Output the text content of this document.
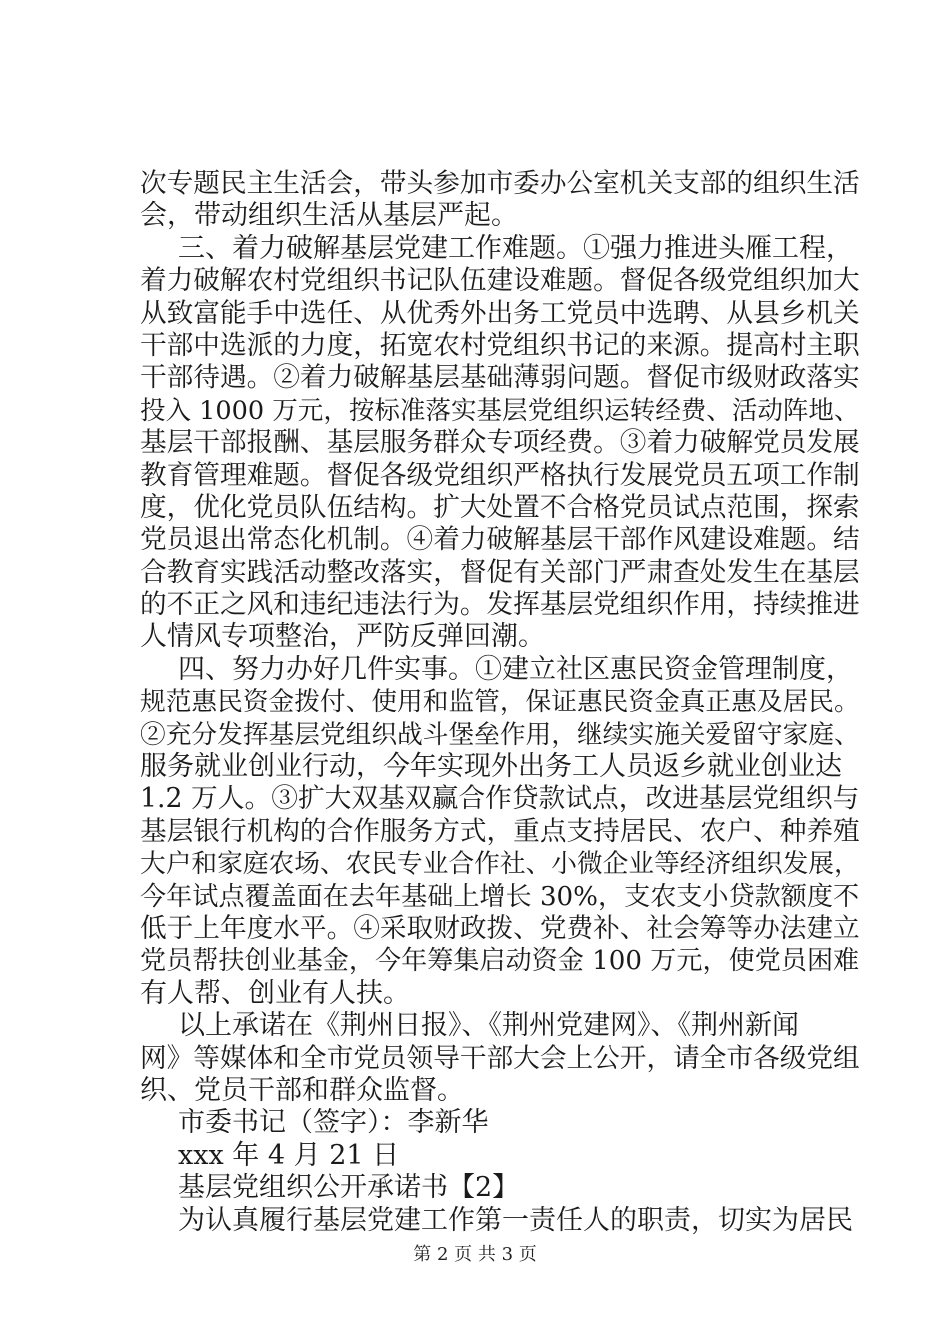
次专题民主生活会，带头参加市委办公室机关支部的组织生活
会，带动组织生活从基层严起。
三、着力破解基层党建工作难题。①强力推进头雁工程，
着力破解农村党组织书记队伍建设难题。督促各级党组织加大
从致富能手中选任、从优秀外出务工党员中选聘、从县乡机关
干部中选派的力度，拓宽农村党组织书记的来源。提高村主职
干部待遇。②着力破解基层基础薄弱问题。督促市级财政落实
投入 1000 万元，按标准落实基层党组织运转经费、活动阵地、
基层干部报酬、基层服务群众专项经费。③着力破解党员发展
教育管理难题。督促各级党组织严格执行发展党员五项工作制
度，优化党员队伍结构。扩大处置不合格党员试点范围，探索
党员退出常态化机制。④着力破解基层干部作风建设难题。结
合教育实践活动整改落实，督促有关部门严肃查处发生在基层
的不正之风和违纪违法行为。发挥基层党组织作用，持续推进
人情风专项整治，严防反弹回潮。
四、努力办好几件实事。①建立社区惠民资金管理制度，
规范惠民资金拨付、使用和监管，保证惠民资金真正惠及居民。
②充分发挥基层党组织战斗堡垒作用，继续实施关爱留守家庭、
服务就业创业行动，今年实现外出务工人员返乡就业创业达
1.2 万人。③扩大双基双赢合作贷款试点，改进基层党组织与
基层银行机构的合作服务方式，重点支持居民、农户、种养殖
大户和家庭农场、农民专业合作社、小微企业等经济组织发展，
今年试点覆盖面在去年基础上增长 30%，支农支小贷款额度不
低于上年度水平。④采取财政拨、党费补、社会筹等办法建立
党员帮扶创业基金，今年筹集启动资金 100 万元，使党员困难
有人帮、创业有人扶。
以上承诺在《荆州日报》、《荆州党建网》、《荆州新闻
网》等媒体和全市党员领导干部大会上公开，请全市各级党组
织、党员干部和群众监督。
市委书记（签字）：李新华
xxx 年 4 月 21 日
基层党组织公开承诺书【2】
为认真履行基层党建工作第一责任人的职责，切实为居民
第 2 页 共 3 页
